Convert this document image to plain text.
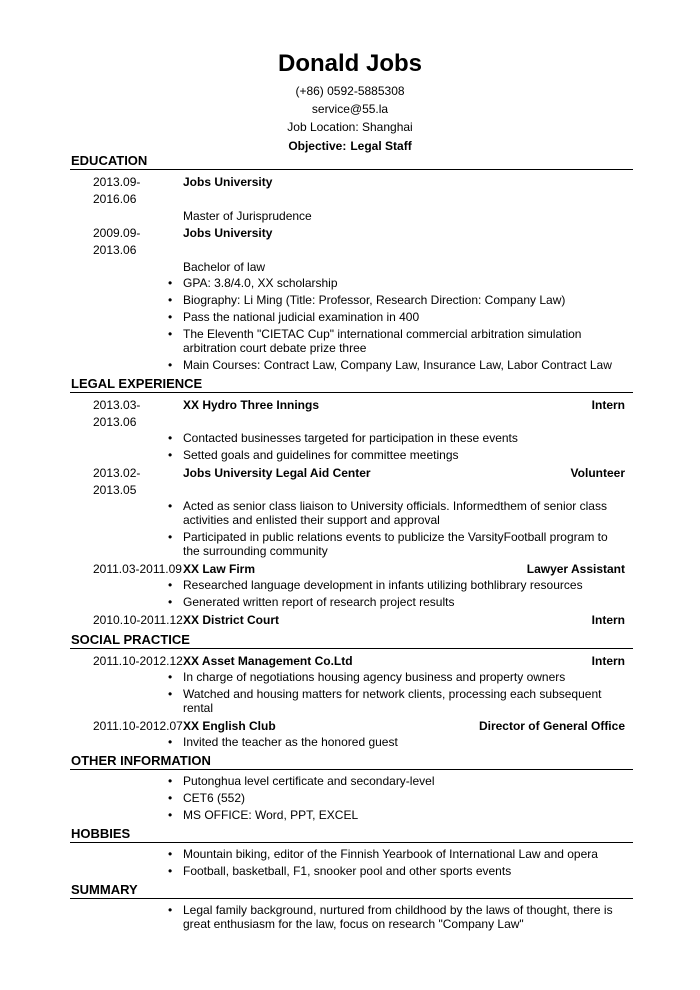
Donald Jobs
(+86) 0592-5885308
service@55.la
Job Location: Shanghai
Objective: Legal Staff
EDUCATION
2013.09-2016.06
Jobs University
Master of Jurisprudence
2009.09-2013.06
Jobs University
Bachelor of law
• GPA: 3.8/4.0, XX scholarship
• Biography: Li Ming (Title: Professor, Research Direction: Company Law)
• Pass the national judicial examination in 400
• The Eleventh "CIETAC Cup" international commercial arbitration simulation arbitration court debate prize three
• Main Courses: Contract Law, Company Law, Insurance Law, Labor Contract Law
LEGAL EXPERIENCE
2013.03-2013.06
XX Hydro Three Innings	Intern
• Contacted businesses targeted for participation in these events
• Setted goals and guidelines for committee meetings
2013.02-2013.05
Jobs University Legal Aid Center	Volunteer
• Acted as senior class liaison to University officials. Informedthem of senior class activities and enlisted their support and approval
• Participated in public relations events to publicize the VarsityFootball program to the surrounding community
2011.03-2011.09 XX Law Firm	Lawyer Assistant
• Researched language development in infants utilizing bothlibrary resources
• Generated written report of research project results
2010.10-2011.12 XX District Court	Intern
SOCIAL PRACTICE
2011.10-2012.12 XX Asset Management Co.Ltd	Intern
• In charge of negotiations housing agency business and property owners
• Watched and housing matters for network clients, processing each subsequent rental
2011.10-2012.07 XX English Club	Director of General Office
• Invited the teacher as the honored guest
OTHER INFORMATION
• Putonghua level certificate and secondary-level
• CET6 (552)
• MS OFFICE: Word, PPT, EXCEL
HOBBIES
• Mountain biking, editor of the Finnish Yearbook of International Law and opera
• Football, basketball, F1, snooker pool and other sports events
SUMMARY
• Legal family background, nurtured from childhood by the laws of thought, there is great enthusiasm for the law, focus on research "Company Law"
